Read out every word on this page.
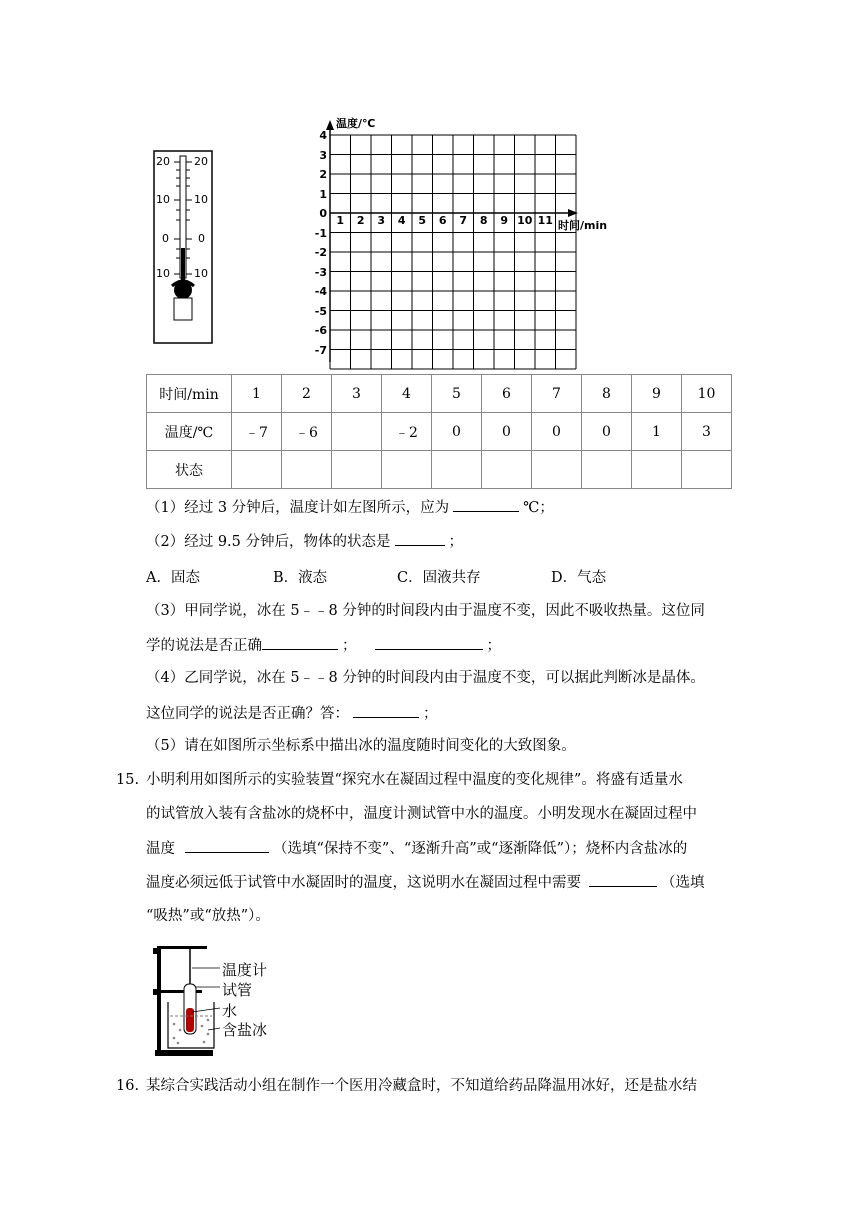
20
10
0
10
20
10
0
10
温度/℃
时间/min
4
3
2
1
0
-1
-2
-3
-4
-5
-6
-7
1	2	3	4	5	6	7	8	9 10 11
时间/min	1	2	3	4	5	6	7	8	9	10
温度/℃	﹣7	﹣6		﹣2	0	0	0	0	1	3
状态										
（1）经过 3 分钟后，温度计如左图所示，应为	℃；
（2）经过 9.5 分钟后，物体的状态是	；
A．固态	B．液态	C．固液共存	D．气态
（3）甲同学说，冰在 5﹣﹣8 分钟的时间段内由于温度不变，因此不吸收热量。这位同
学的说法是否正确	；	；
（4）乙同学说，冰在 5﹣﹣8 分钟的时间段内由于温度不变，可以据此判断冰是晶体。
这位同学的说法是否正确？答：	；
（5）请在如图所示坐标系中描出冰的温度随时间变化的大致图象。
15. 小明利用如图所示的实验装置“探究水在凝固过程中温度的变化规律”。将盛有适量水
的试管放入装有含盐冰的烧杯中，温度计测试管中水的温度。小明发现水在凝固过程中
温度	（选填“保持不变”、“逐渐升高”或“逐渐降低”）；烧杯内含盐冰的
温度必须远低于试管中水凝固时的温度，这说明水在凝固过程中需要	（选填
“吸热”或“放热”）。
温度计
试管
水
含盐冰
16. 某综合实践活动小组在制作一个医用冷藏盒时，不知道给药品降温用冰好，还是盐水结
